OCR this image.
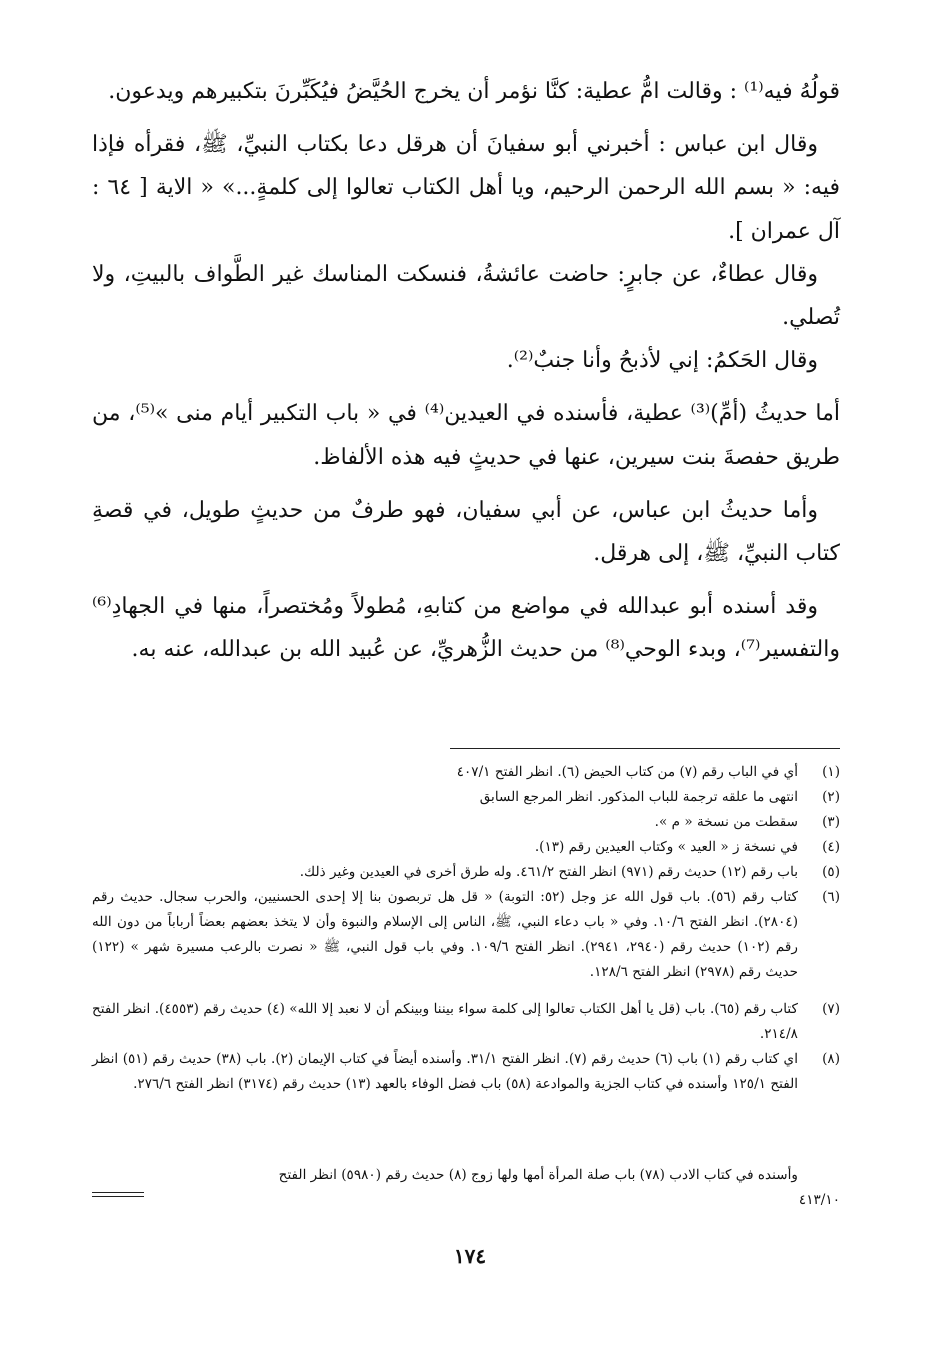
قولُهُ فيه⁽¹⁾ : وقالت امُّ عطية: كنَّا نؤمر أن يخرج الحُيَّضُ فيُكَبِّرنَ بتكبيرهم ويدعون.

وقال ابن عباس : أخبرني أبو سفيانَ أن هرقل دعا بكتاب النبيِّ، ﷺ، فقرأه فإذا فيه: « بسم الله الرحمن الرحيم، ويا أهل الكتاب تعالوا إلى كلمةٍ...» « الاية [ ٦٤ : آل عمران ].

وقال عطاءٌ، عن جابرٍ: حاضت عائشةُ، فنسكت المناسك غير الطَّواف بالبيتِ، ولا تُصلي.

وقال الحَكمُ: إني لأذبحُ وأنا جنبٌ⁽²⁾.

أما حديثُ (أمِّ)⁽³⁾ عطية، فأسنده في العيدين⁽⁴⁾ في « باب التكبير أيام منى »⁽⁵⁾، من طريق حفصةَ بنت سيرين، عنها في حديثٍ فيه هذه الألفاظ.

وأما حديثُ ابن عباس، عن أبي سفيان، فهو طرفٌ من حديثٍ طويل، في قصةِ كتاب النبيِّ، ﷺ، إلى هرقل.

وقد أسنده أبو عبدالله في مواضع من كتابهِ، مُطولاً ومُختصراً، منها في الجهادِ⁽⁶⁾ والتفسير⁽⁷⁾، وبدء الوحي⁽⁸⁾ من حديث الزُّهريِّ، عن عُبيد الله بن عبدالله، عنه به.

(١)
أي في الباب رقم (٧) من كتاب الحيض (٦). انظر الفتح ٤٠٧/١
(٢)
انتهى ما علقه ترجمة للباب المذكور. انظر المرجع السابق
(٣)
سقطت من نسخة « م ».
(٤)
في نسخة ز « العيد » وكتاب العيدين رقم (١٣).
(٥)
باب رقم (١٢) حديث رقم (٩٧١) انظر الفتح ٤٦١/٢. وله طرق أخرى في العيدين وغير ذلك.
(٦)
كتاب رقم (٥٦). باب قول الله عز وجل (٥٢: التوبة) « قل هل تربصون بنا إلا إحدى الحسنيين، والحرب سجال. حديث رقم (٢٨٠٤). انظر الفتح ١٠/٦. وفي « باب دعاء النبي، ﷺ، الناس إلى الإسلام والنبوة وأن لا يتخذ بعضهم بعضاً أرباباً من دون الله رقم (١٠٢) حديث رقم (٢٩٤٠، ٢٩٤١). انظر الفتح ١٠٩/٦. وفي باب قول النبي، ﷺ « نصرت بالرعب مسيرة شهر » (١٢٢) حديث رقم (٢٩٧٨) انظر الفتح ١٢٨/٦.
(٧)
كتاب رقم (٦٥). باب (قل يا أهل الكتاب تعالوا إلى كلمة سواء بيننا وبينكم أن لا نعبد إلا الله» (٤) حديث رقم (٤٥٥٣). انظر الفتح ٢١٤/٨.
(٨)
اي كتاب رقم (١) باب (٦) حديث رقم (٧). انظر الفتح ٣١/١. وأسنده أيضاً في كتاب الإيمان (٢). باب (٣٨) حديث رقم (٥١) انظر الفتح ١٢٥/١ وأسنده في كتاب الجزية والموادعة (٥٨) باب فضل الوفاء بالعهد (١٣) حديث رقم (٣١٧٤) انظر الفتح ٢٧٦/٦.
وأسنده في كتاب الادب (٧٨) باب صلة المرأة أمها ولها زوج (٨) حديث رقم (٥٩٨٠) انظر الفتح
٤١٣/١٠
١٧٤
